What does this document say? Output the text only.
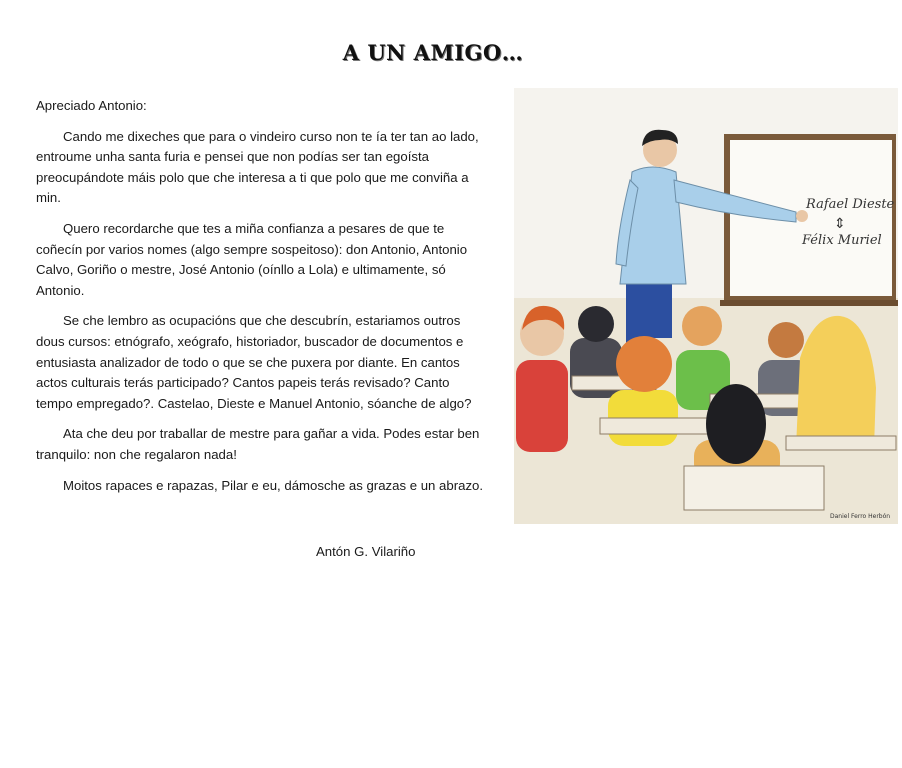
A UN AMIGO…

Apreciado Antonio:

Cando me dixeches que para o vindeiro curso non te ía ter tan ao lado, entroume unha santa furia e pensei que non podías ser tan egoísta preocupándote máis polo que che interesa a ti que polo que me conviña a min.

Quero recordarche que tes a miña confianza a pesares de que te coñecín por varios nomes (algo sempre sospeitoso): don Antonio, Antonio Calvo, Goriño o mestre, José Antonio (oínllo a Lola) e ultimamente, só Antonio.

Se che lembro as ocupacións que che descubrín, estariamos outros dous cursos: etnógrafo, xeógrafo, historiador, buscador de documentos e entusiasta analizador de todo o que se che puxera por diante. En cantos actos culturais terás participado? Cantos papeis terás revisado? Canto tempo empregado?. Castelao, Dieste e Manuel Antonio, sóanche de algo?

Ata che deu por traballar de mestre para gañar a vida. Podes estar ben tranquilo: non che regalaron nada!

Moitos rapaces e rapazas, Pilar e eu, dámosche as grazas e un abrazo.

Antón G. Vilariño
Rafael Dieste
⇕
Félix Muriel
Daniel Ferro Herbón
